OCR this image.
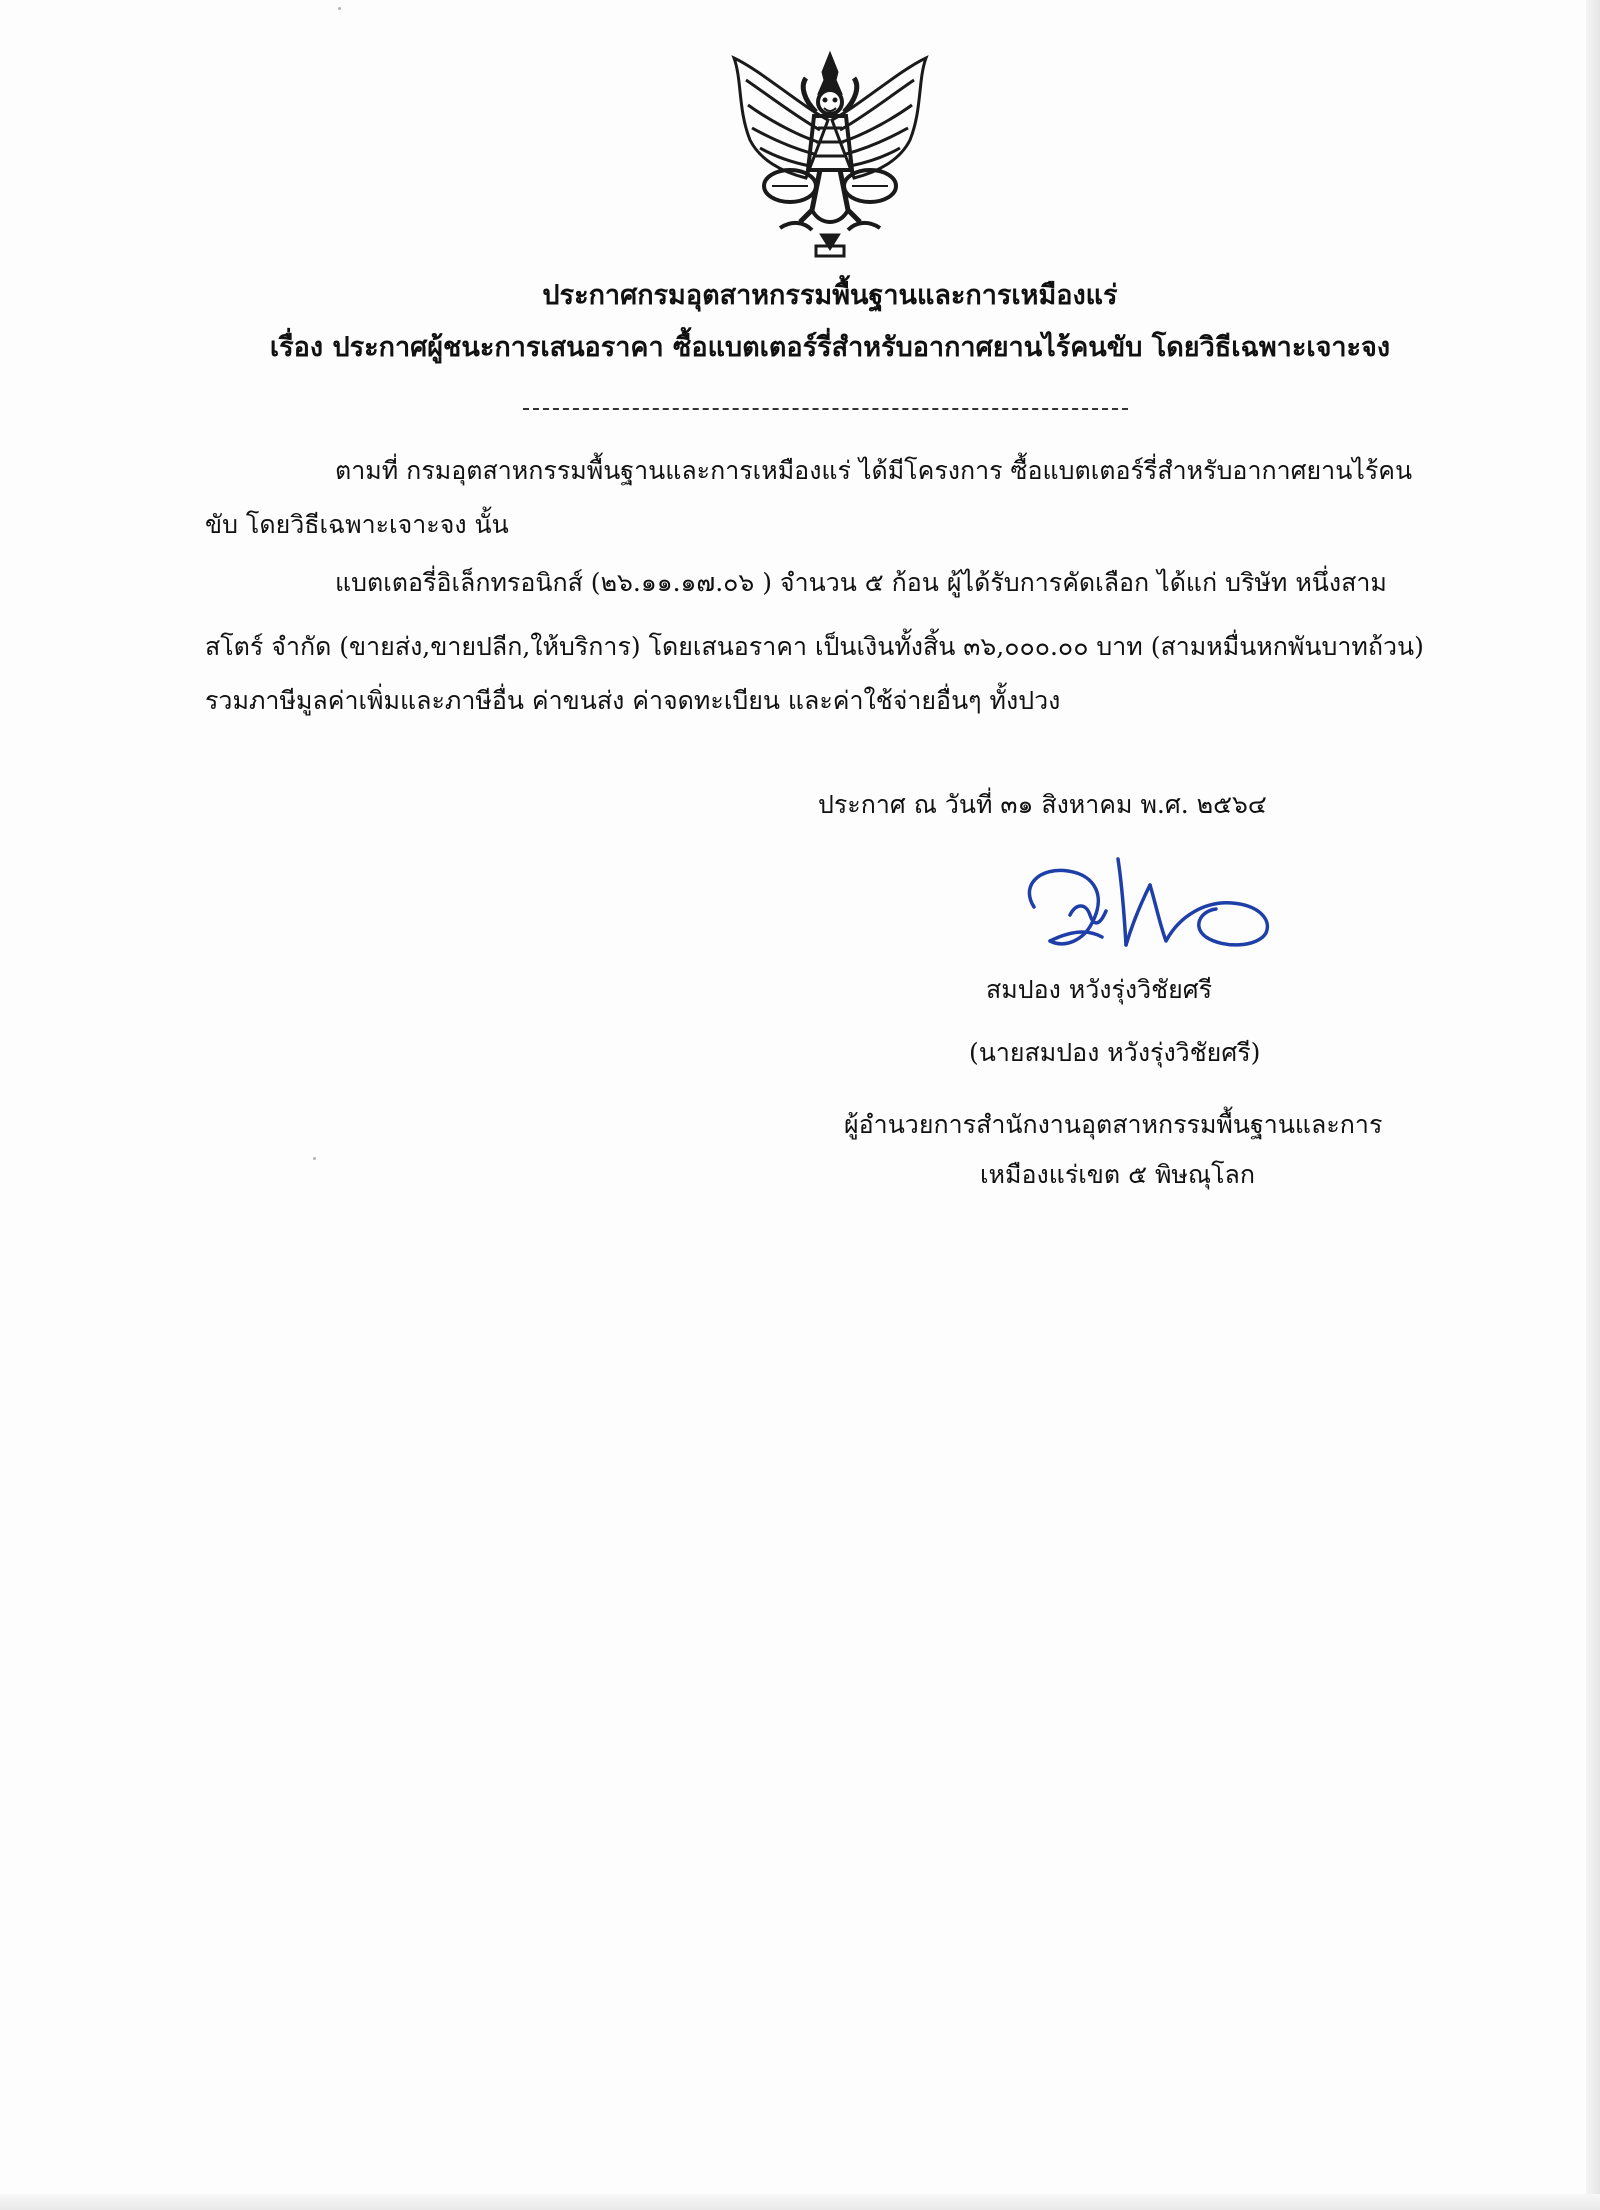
ประกาศกรมอุตสาหกรรมพื้นฐานและการเหมืองแร่
เรื่อง ประกาศผู้ชนะการเสนอราคา ซื้อแบตเตอร์รี่สำหรับอากาศยานไร้คนขับ โดยวิธีเฉพาะเจาะจง
ตามที่ กรมอุตสาหกรรมพื้นฐานและการเหมืองแร่ ได้มีโครงการ ซื้อแบตเตอร์รี่สำหรับอากาศยานไร้คน
ขับ โดยวิธีเฉพาะเจาะจง นั้น
แบตเตอรี่อิเล็กทรอนิกส์ (๒๖.๑๑.๑๗.๐๖ ) จำนวน ๕ ก้อน ผู้ได้รับการคัดเลือก ได้แก่ บริษัท หนึ่งสาม
สโตร์ จำกัด (ขายส่ง,ขายปลีก,ให้บริการ) โดยเสนอราคา เป็นเงินทั้งสิ้น ๓๖,๐๐๐.๐๐ บาท (สามหมื่นหกพันบาทถ้วน)
รวมภาษีมูลค่าเพิ่มและภาษีอื่น ค่าขนส่ง ค่าจดทะเบียน และค่าใช้จ่ายอื่นๆ ทั้งปวง
ประกาศ ณ วันที่ ๓๑ สิงหาคม พ.ศ. ๒๕๖๔
สมปอง หวังรุ่งวิชัยศรี
(นายสมปอง หวังรุ่งวิชัยศรี)
ผู้อำนวยการสำนักงานอุตสาหกรรมพื้นฐานและการ
เหมืองแร่เขต ๕ พิษณุโลก
